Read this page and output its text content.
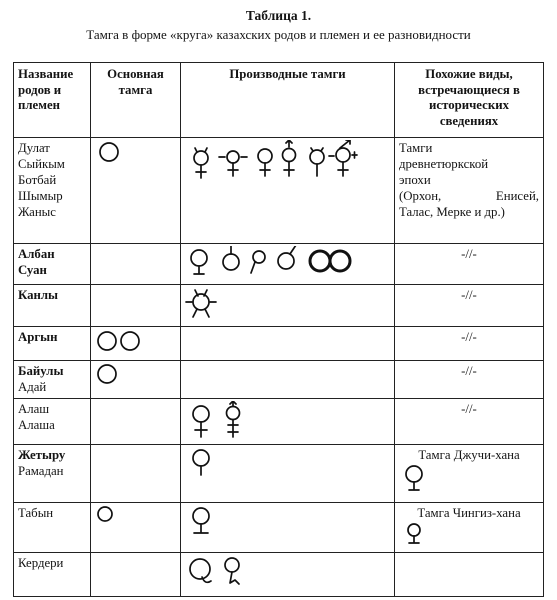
Таблица 1.
Тамга в форме «круга» казахских родов и племен и ее разновидности
Название родов и племен	Основная тамга	Производные тамги	Похожие виды, встречающиеся в исторических сведениях

Дулат
Сыйкым
Ботбай
Шымыр
Жаныс			Тамги
древнетюркской
эпохи
(Орхон, Енисей,
Талас, Мерке и др.)

Албан
Суан			-//-

Канлы			-//-

Аргын			-//-

Байулы
Адай			-//-

Алаш
Алаша			-//-

Жетыру
Рамадан			Тамга Джучи-хана

Табын			Тамга Чингиз-хана

Кердери
